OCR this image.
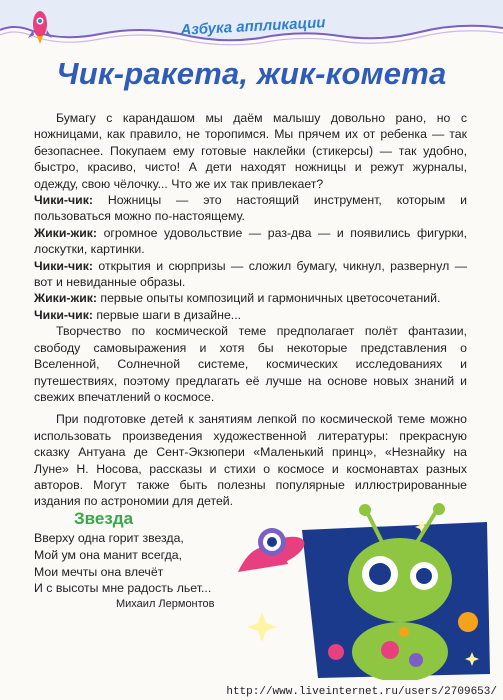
Азбука аппликации
Чик-ракета, жик-комета

Бумагу с карандашом мы даём малышу довольно рано, но с ножницами, как правило, не торопимся. Мы прячем их от ребенка — так безопаснее. Покупаем ему готовые наклейки (стикерсы) — так удобно, быстро, красиво, чисто! А дети находят ножницы и режут журналы, одежду, свою чёлочку... Что же их так привлекает?

Чики-чик: Ножницы — это настоящий инструмент, которым и пользоваться можно по-настоящему.

Жики-жик: огромное удовольствие — раз-два — и появились фигурки, лоскутки, картинки.

Чики-чик: открытия и сюрпризы — сложил бумагу, чикнул, развернул — вот и невиданные образы.

Жики-жик: первые опыты композиций и гармоничных цветосочетаний.

Чики-чик: первые шаги в дизайне...

Творчество по космической теме предполагает полёт фантазии, свободу самовыражения и хотя бы некоторые представления о Вселенной, Солнечной системе, космических исследованиях и путешествиях, поэтому предлагать её лучше на основе новых знаний и свежих впечатлений о космосе.

При подготовке детей к занятиям лепкой по космической теме можно использовать произведения художественной литературы: прекрасную сказку Антуана де Сент-Экзюпери «Маленький принц», «Незнайку на Луне» Н. Носова, рассказы и стихи о космосе и космонавтах разных авторов. Могут также быть полезны популярные иллюстрированные издания по астрономии для детей.

Звезда
Вверху одна горит звезда,
Мой ум она манит всегда,
Мои мечты она влечёт
И с высоты мне радость льет...
Михаил Лермонтов
http://www.liveinternet.ru/users/2709653/
